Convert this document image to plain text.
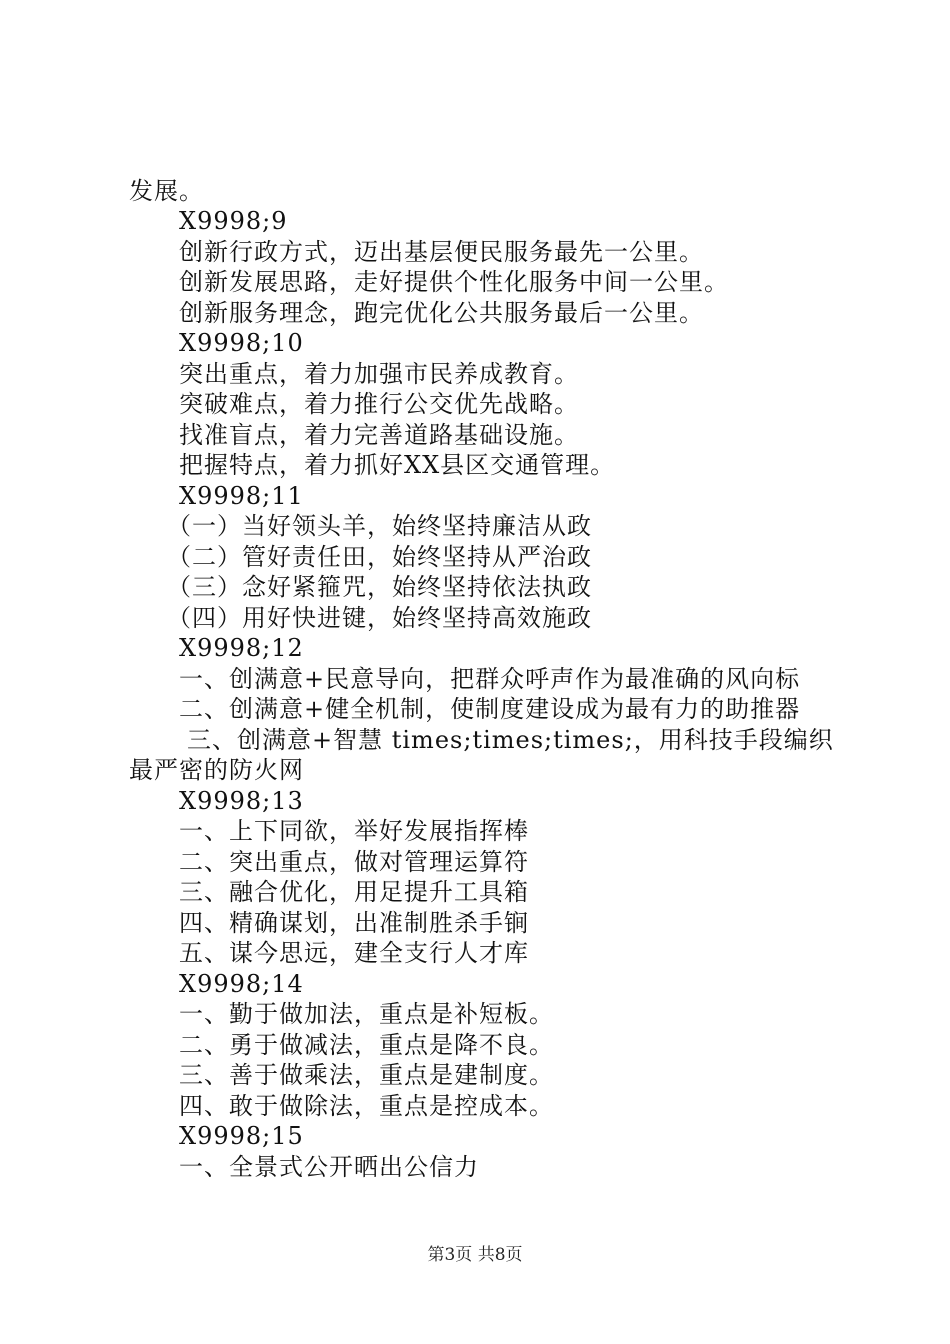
发展。
X9998;9
创新行政方式，迈出基层便民服务最先一公里。
创新发展思路，走好提供个性化服务中间一公里。
创新服务理念，跑完优化公共服务最后一公里。
X9998;10
突出重点，着力加强市民养成教育。
突破难点，着力推行公交优先战略。
找准盲点，着力完善道路基础设施。
把握特点，着力抓好XX县区交通管理。
X9998;11
（一）当好领头羊，始终坚持廉洁从政
（二）管好责任田，始终坚持从严治政
（三）念好紧箍咒，始终坚持依法执政
（四）用好快进键，始终坚持高效施政
X9998;12
一、创满意+民意导向，把群众呼声作为最准确的风向标
二、创满意+健全机制，使制度建设成为最有力的助推器
三、创满意+智慧 times;times;times;，用科技手段编织
最严密的防火网
X9998;13
一、上下同欲，举好发展指挥棒
二、突出重点，做对管理运算符
三、融合优化，用足提升工具箱
四、精确谋划，出准制胜杀手锏
五、谋今思远，建全支行人才库
X9998;14
一、勤于做加法，重点是补短板。
二、勇于做减法，重点是降不良。
三、善于做乘法，重点是建制度。
四、敢于做除法，重点是控成本。
X9998;15
一、全景式公开晒出公信力
第3页 共8页
